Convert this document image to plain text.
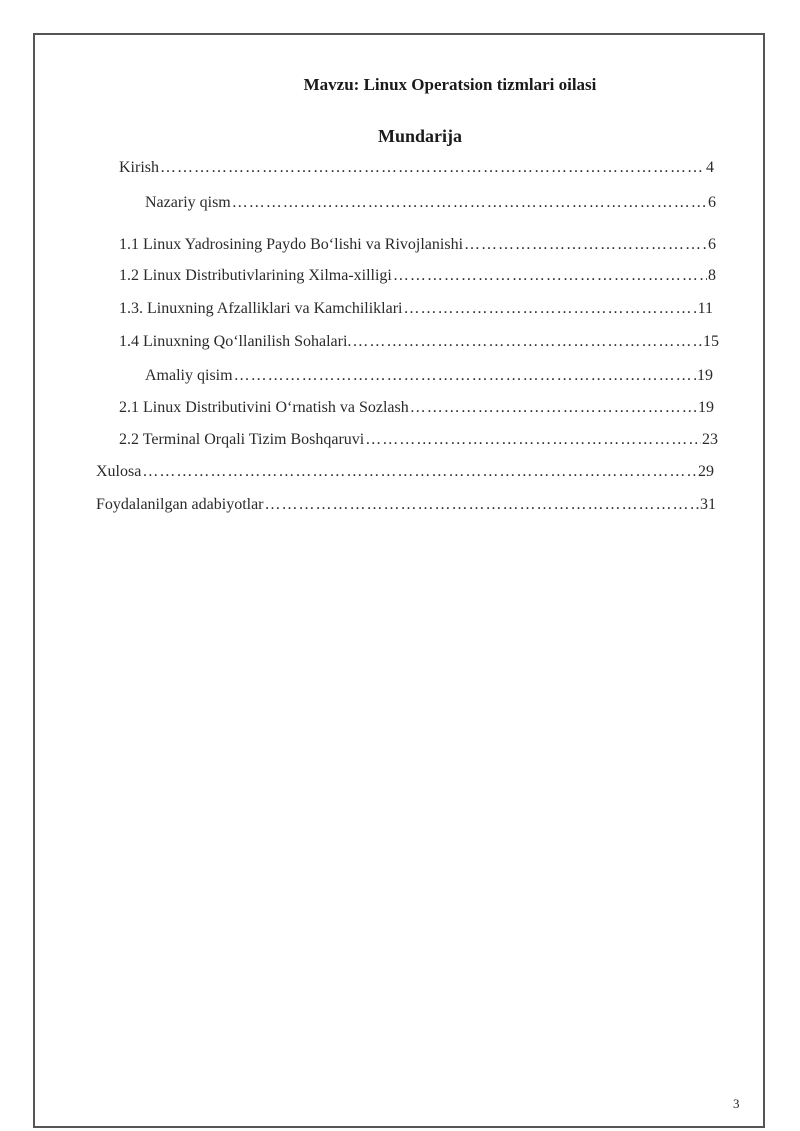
Mavzu: Linux Operatsion tizmlari oilasi
Mundarija
Kirish …………………………………………………………………………………………………………………………………………………………	4
Nazariy qism …………………………………………………………………………………………………………………………………………………………	6
1.1 Linux Yadrosining Paydo Bo‘lishi va Rivojlanishi …………………………………………………………………………………………………………………………………………………………	6
1.2 Linux Distributivlarining Xilma-xilligi …………………………………………………………………………………………………………………………………………………………	8
1.3. Linuxning Afzalliklari va Kamchiliklari …………………………………………………………………………………………………………………………………………………………	11
1.4 Linuxning Qo‘llanilish Sohalari. …………………………………………………………………………………………………………………………………………………………	15
Amaliy qisim …………………………………………………………………………………………………………………………………………………………	19
2.1 Linux Distributivini O‘rnatish va Sozlash …………………………………………………………………………………………………………………………………………………………	19
2.2 Terminal Orqali Tizim Boshqaruvi …………………………………………………………………………………………………………………………………………………………	23
Xulosa …………………………………………………………………………………………………………………………………………………………	29
Foydalanilgan adabiyotlar …………………………………………………………………………………………………………………………………………………………	31
3
